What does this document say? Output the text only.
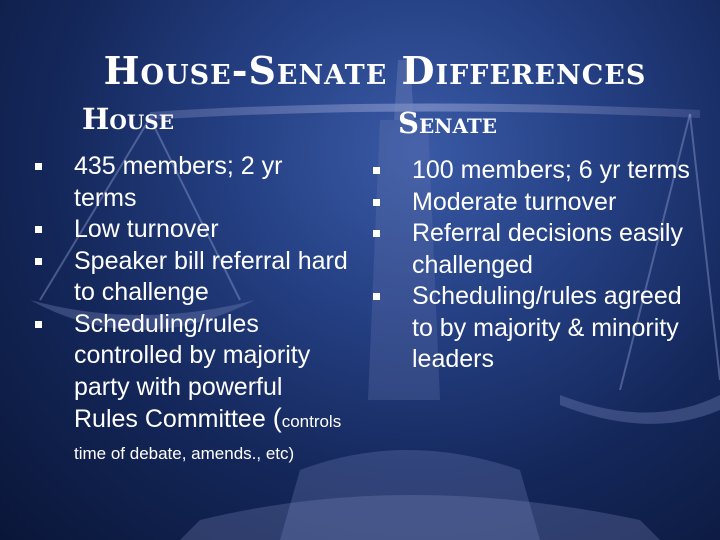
House-Senate Differences
House	Senate
435 members; 2 yr terms
Low turnover
Speaker bill referral hard to challenge
Scheduling/rules controlled by majority party with powerful Rules Committee (controls time of debate, amends., etc)
100 members; 6 yr terms
Moderate turnover
Referral decisions easily challenged
Scheduling/rules agreed to by majority & minority leaders
